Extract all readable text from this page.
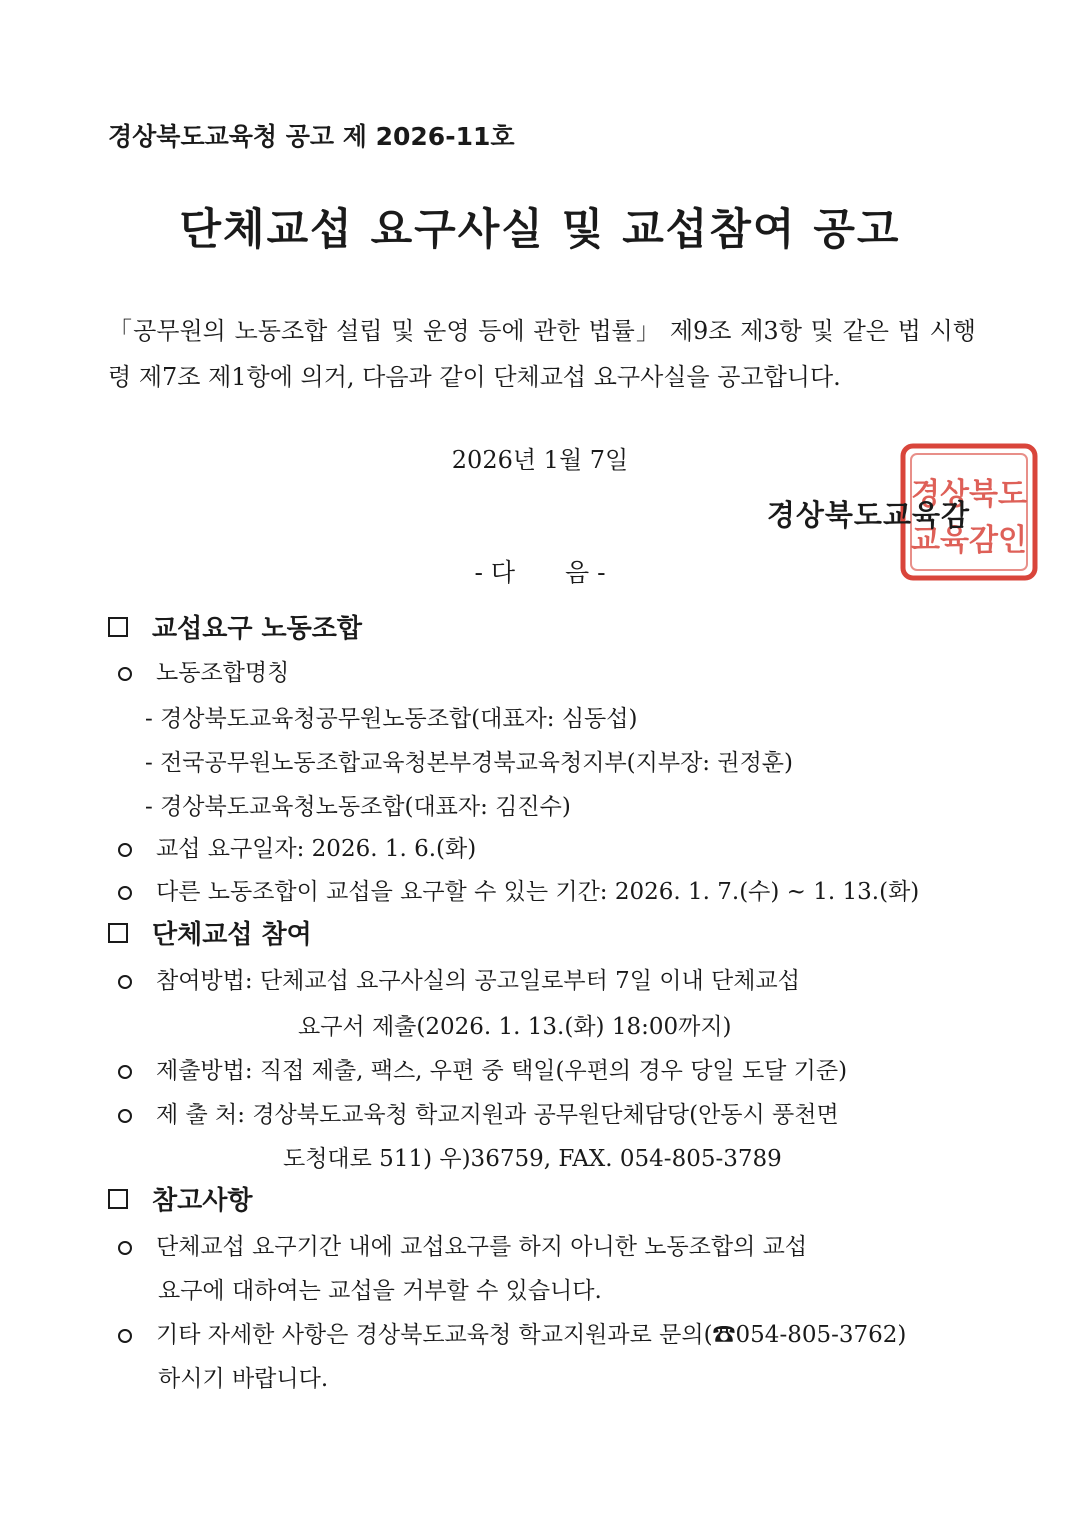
경상북도교육청 공고 제 2026-11호
단체교섭 요구사실 및 교섭참여 공고
「공무원의 노동조합 설립 및 운영 등에 관한 법률」 제9조 제3항 및 같은 법 시행령 제7조 제1항에 의거, 다음과 같이 단체교섭 요구사실을 공고합니다.
2026년 1월 7일
경상북도
교육감인
경상북도교육감
- 다 음 -
교섭요구 노동조합
노동조합명칭
- 경상북도교육청공무원노동조합(대표자: 심동섭)
- 전국공무원노동조합교육청본부경북교육청지부(지부장: 권정훈)
- 경상북도교육청노동조합(대표자: 김진수)
교섭 요구일자: 2026. 1. 6.(화)
다른 노동조합이 교섭을 요구할 수 있는 기간: 2026. 1. 7.(수) ~ 1. 13.(화)
단체교섭 참여
참여방법: 단체교섭 요구사실의 공고일로부터 7일 이내 단체교섭
요구서 제출(2026. 1. 13.(화) 18:00까지)
제출방법: 직접 제출, 팩스, 우편 중 택일(우편의 경우 당일 도달 기준)
제 출 처: 경상북도교육청 학교지원과 공무원단체담당(안동시 풍천면
도청대로 511) 우)36759, FAX. 054-805-3789
참고사항
단체교섭 요구기간 내에 교섭요구를 하지 아니한 노동조합의 교섭
요구에 대하여는 교섭을 거부할 수 있습니다.
기타 자세한 사항은 경상북도교육청 학교지원과로 문의(☎054-805-3762)
하시기 바랍니다.
